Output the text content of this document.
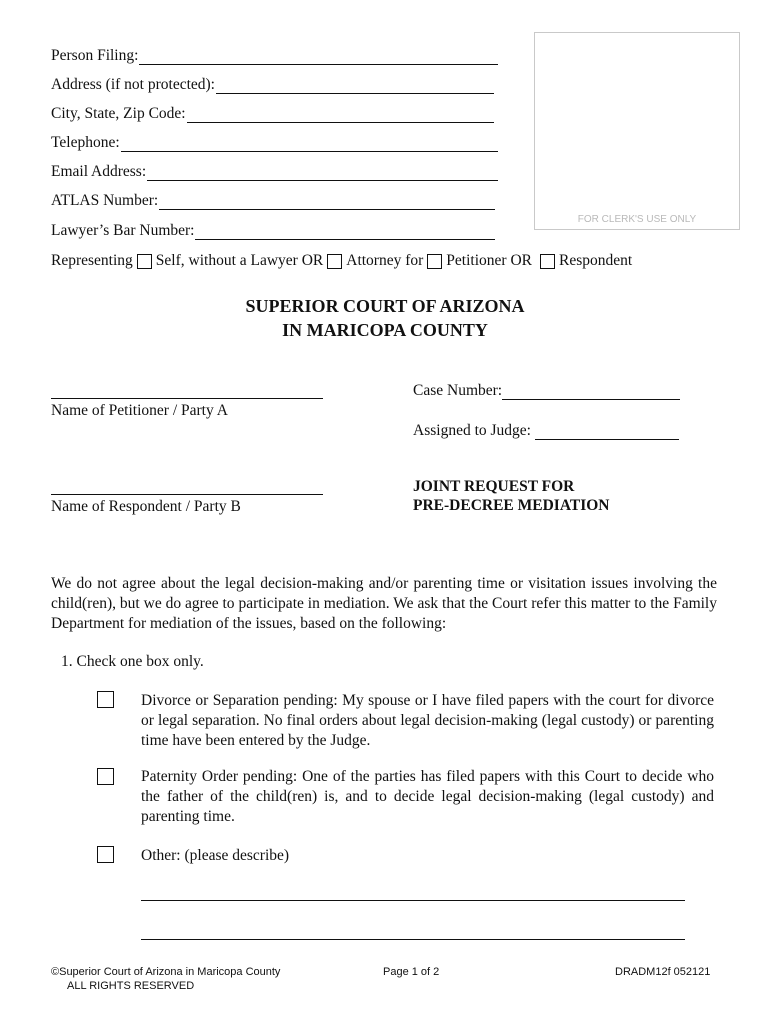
Person Filing:
Address (if not protected):
City, State, Zip Code:
Telephone:
Email Address:
ATLAS Number:
Lawyer’s Bar Number:
FOR CLERK'S USE ONLY
Representing Self, without a Lawyer OR Attorney for Petitioner OR Respondent
SUPERIOR COURT OF ARIZONA
IN MARICOPA COUNTY
Name of Petitioner / Party A
Name of Respondent / Party B
Case Number:
Assigned to Judge:
JOINT REQUEST FOR
PRE-DECREE MEDIATION
We do not agree about the legal decision-making and/or parenting time or visitation issues involving the child(ren), but we do agree to participate in mediation. We ask that the Court refer this matter to the Family Department for mediation of the issues, based on the following:
1. Check one box only.
Divorce or Separation pending: My spouse or I have filed papers with the court for divorce or legal separation. No final orders about legal decision-making (legal custody) or parenting time have been entered by the Judge.
Paternity Order pending: One of the parties has filed papers with this Court to decide who the father of the child(ren) is, and to decide legal decision-making (legal custody) and parenting time.
Other: (please describe)
©Superior Court of Arizona in Maricopa County
ALL RIGHTS RESERVED
Page 1 of 2	DRADM12f 052121
